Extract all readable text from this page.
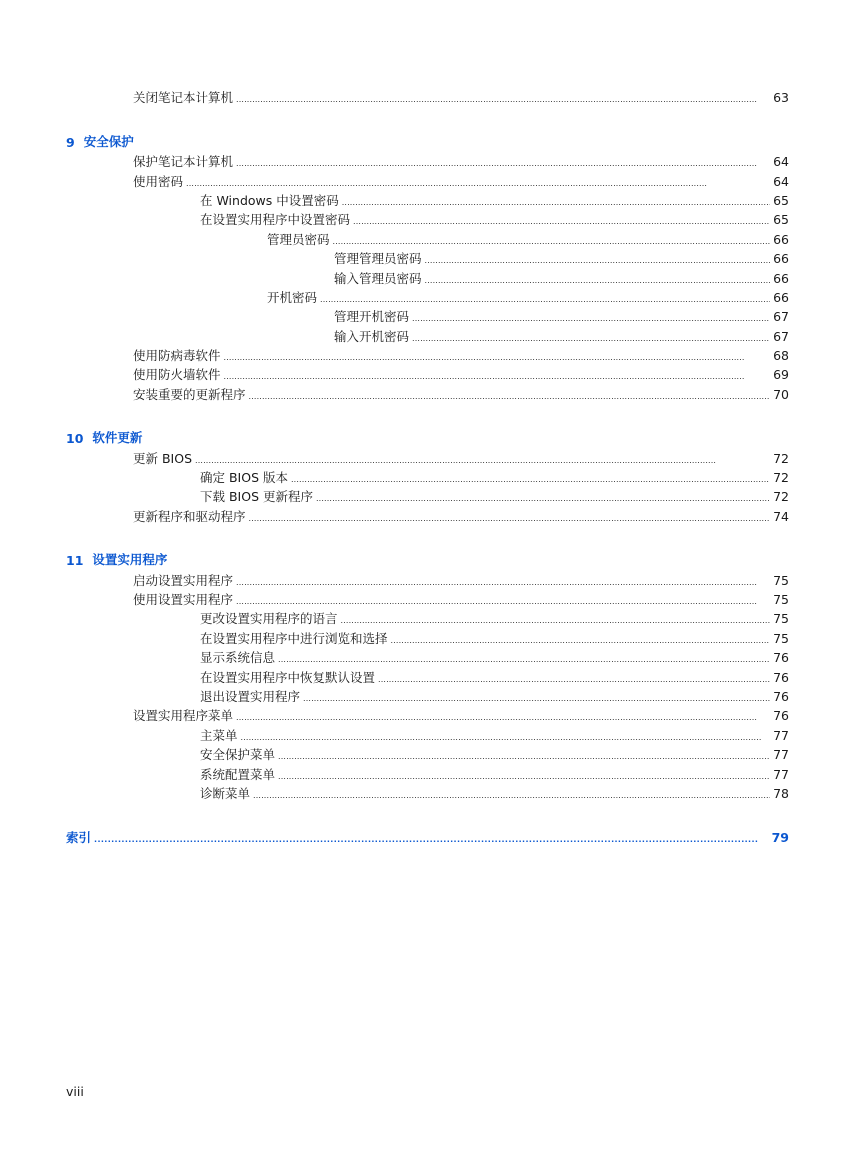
关闭笔记本计算机 . . .	63
9 安全保护
保护笔记本计算机 . . .	64
使用密码 . . .	64
在 Windows 中设置密码 . . .	65
在设置实用程序中设置密码 . . .	65
管理员密码 . . .	66
管理管理员密码 . . .	66
输入管理员密码 . . .	66
开机密码 . . .	66
管理开机密码 . . .	67
输入开机密码 . . .	67
使用防病毒软件 . . .	68
使用防火墙软件 . . .	69
安装重要的更新程序 . . .	70
10 软件更新
更新 BIOS . . .	72
确定 BIOS 版本 . . .	72
下载 BIOS 更新程序 . . .	72
更新程序和驱动程序 . . .	74
11 设置实用程序
启动设置实用程序 . . .	75
使用设置实用程序 . . .	75
更改设置实用程序的语言 . . .	75
在设置实用程序中进行浏览和选择 . . .	75
显示系统信息 . . .	76
在设置实用程序中恢复默认设置 . . .	76
退出设置实用程序 . . .	76
设置实用程序菜单 . . .	76
主菜单 . . .	77
安全保护菜单 . . .	77
系统配置菜单 . . .	77
诊断菜单 . . .	78
索引 . . .	79
viii
